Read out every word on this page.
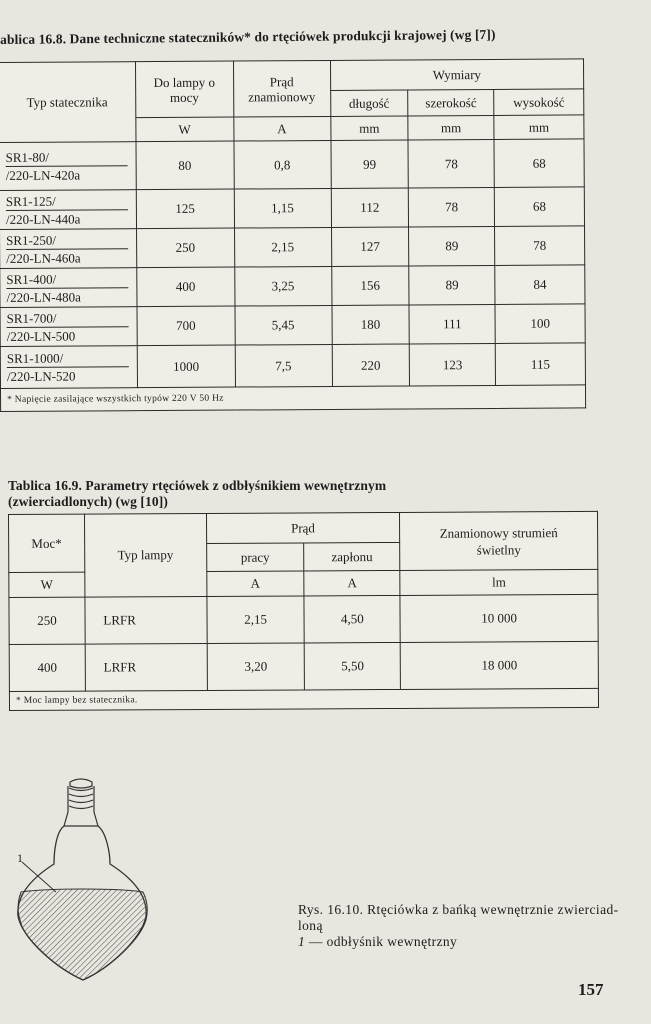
ablica 16.8. Dane techniczne stateczników* do rtęciówek produkcji krajowej (wg [7])
Typ statecznika	Do lampy o mocy	Prąd znamionowy	Wymiary		
			długość	szerokość	wysokość
	W	A	mm	mm	mm

SR1-80/
/220-LN-420a	80	0,8	99	78	68

SR1-125/
/220-LN-440a	125	1,15	112	78	68

SR1-250/
/220-LN-460a	250	2,15	127	89	78

SR1-400/
/220-LN-480a	400	3,25	156	89	84

SR1-700/
/220-LN-500	700	5,45	180	111	100

SR1-1000/
/220-LN-520	1000	7,5	220	123	115
* Napięcie zasilające wszystkich typów 220 V 50 Hz					
Tablica 16.9. Parametry rtęciówek z odbłyśnikiem wewnętrznym
(zwierciadlonych) (wg [10])
Moc*	Typ lampy	Prąd		Znamionowy strumień świetlny
		pracy	zapłonu	
W		A	A	lm
250	LRFR	2,15	4,50	10 000
400	LRFR	3,20	5,50	18 000
* Moc lampy bez statecznika.				
1
Rys. 16.10. Rtęciówka z bańką wewnętrznie zwierciad-
loną
1 — odbłyśnik wewnętrzny
157
